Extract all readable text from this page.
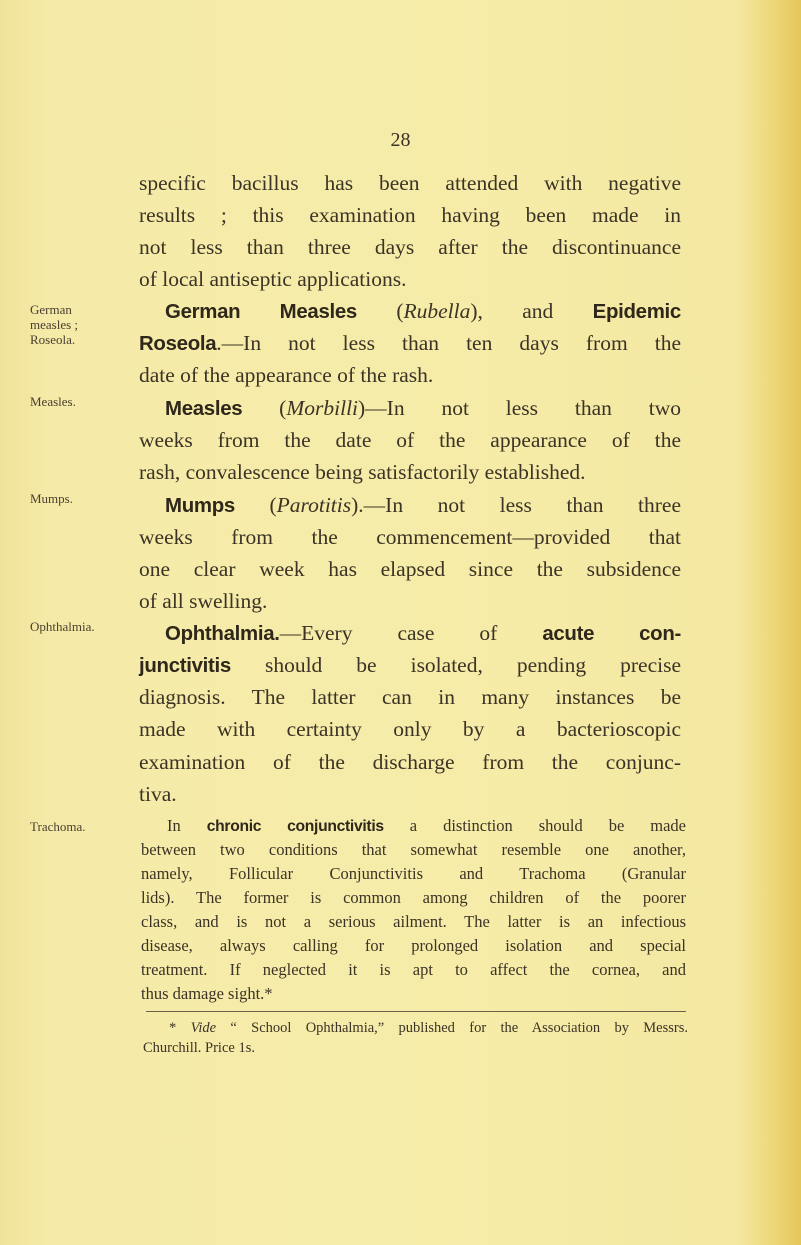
28
German
measles ;
Roseola.
Measles.
Mumps.
Ophthalmia.
Trachoma.
specific bacillus has been attended with negative
results ; this examination having been made in
not less than three days after the discontinuance
of local antiseptic applications.
German Measles (Rubella), and Epidemic
Roseola.—In not less than ten days from the
date of the appearance of the rash.
Measles (Morbilli)—In not less than two
weeks from the date of the appearance of the
rash, convalescence being satisfactorily established.
Mumps (Parotitis).—In not less than three
weeks from the commencement—provided that
one clear week has elapsed since the subsidence
of all swelling.
Ophthalmia.—Every case of acute con-
junctivitis should be isolated, pending precise
diagnosis. The latter can in many instances be
made with certainty only by a bacterioscopic
examination of the discharge from the conjunc-
tiva.
In chronic conjunctivitis a distinction should be made
between two conditions that somewhat resemble one another,
namely, Follicular Conjunctivitis and Trachoma (Granular
lids). The former is common among children of the poorer
class, and is not a serious ailment. The latter is an infectious
disease, always calling for prolonged isolation and special
treatment. If neglected it is apt to affect the cornea, and
thus damage sight.*
* Vide “ School Ophthalmia,” published for the Association by Messrs.
Churchill. Price 1s.
